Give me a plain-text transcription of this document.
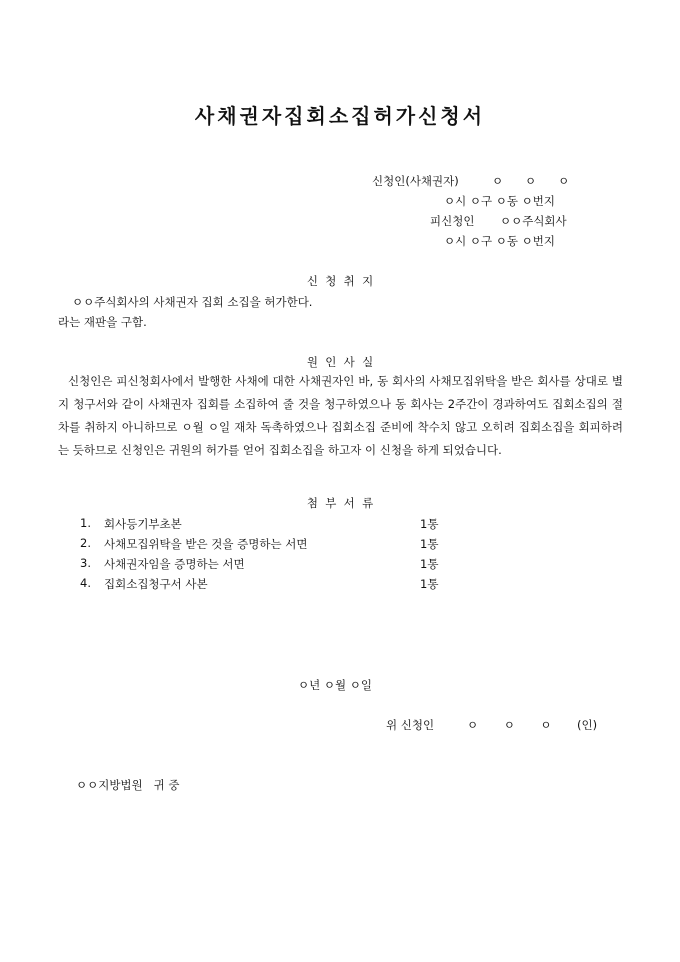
사채권자집회소집허가신청서
신청인(사채권자)	ㅇ      ㅇ      ㅇ
ㅇ시 ㅇ구 ㅇ동 ㅇ번지
피신청인 ㅇㅇ주식회사
ㅇ시 ㅇ구 ㅇ동 ㅇ번지
신  청  취  지
ㅇㅇ주식회사의 사채권자 집회 소집을 허가한다.
라는 재판을 구함.
원  인  사  실
신청인은 피신청회사에서 발행한 사채에 대한 사채권자인 바, 동 회사의 사채모집위탁을 받은 회사를 상대로 별지 청구서와 같이 사채권자 집회를 소집하여 줄 것을 청구하였으나 동 회사는 2주간이 경과하여도 집회소집의 절차를 취하지 아니하므로 ㅇ월 ㅇ일 재차 독촉하였으나 집회소집 준비에 착수치 않고 오히려 집회소집을 회피하려는 듯하므로 신청인은 귀원의 허가를 얻어 집회소집을 하고자 이 신청을 하게 되었습니다.
첨  부  서  류
1. 회사등기부초본	1통
2. 사채모집위탁을 받은 것을 증명하는 서면	1통
3. 사채권자임을 증명하는 서면	1통
4. 집회소집청구서 사본	1통
ㅇ년 ㅇ월 ㅇ일
위 신청인	ㅇ       ㅇ       ㅇ (인)
ㅇㅇ지방법원   귀 중
